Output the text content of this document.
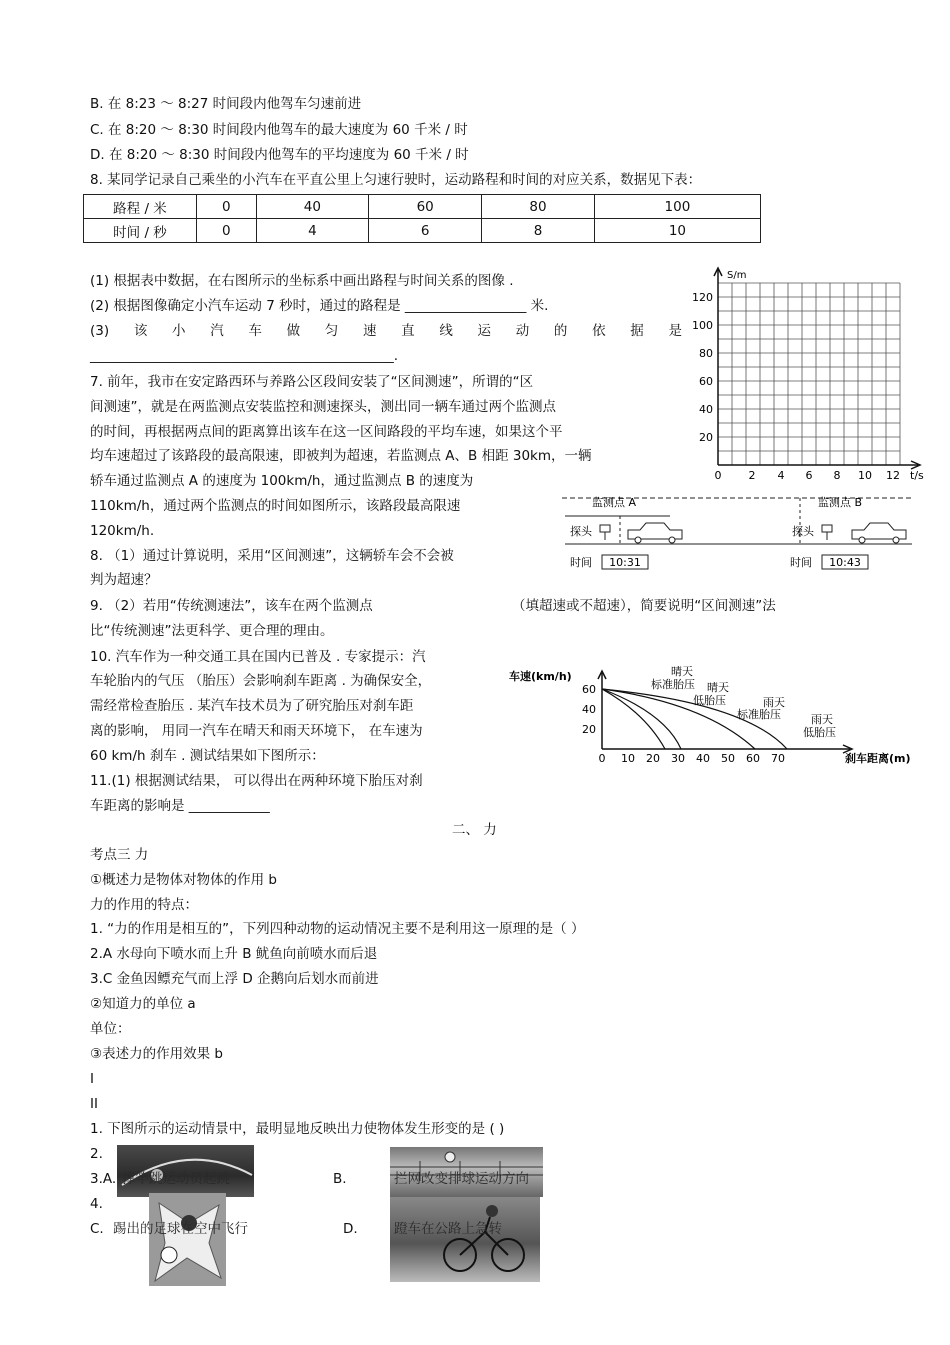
B. 在 8:23 ～ 8:27 时间段内他驾车匀速前进
C. 在 8:20 ～ 8:30 时间段内他驾车的最大速度为 60 千米 / 时
D. 在 8:20 ～ 8:30 时间段内他驾车的平均速度为 60 千米 / 时
8. 某同学记录自己乘坐的小汽车在平直公里上匀速行驶时，运动路程和时间的对应关系，数据见下表：
路程 / 米	0	40	60	80	100
时间 / 秒	0	4	6	8	10
(1) 根据表中数据，在右图所示的坐标系中画出路程与时间关系的图像 .
(2) 根据图像确定小汽车运动 7 秒时，通过的路程是 __________________ 米.
(3) 该 小 汽 车 做 匀 速 直 线 运 动 的 依 据 是
_____________________________________________.
S/m
t/s
20
40
60
80
100
120
0 2 4 6 8 10 12
7. 前年，我市在安定路西环与养路公区段间安装了“区间测速”，所谓的“区
间测速”，就是在两监测点安装监控和测速探头，测出同一辆车通过两个监测点
的时间，再根据两点间的距离算出该车在这一区间路段的平均车速，如果这个平
均车速超过了该路段的最高限速，即被判为超速，若监测点 A、B 相距 30km，一辆
轿车通过监测点 A 的速度为 100km/h，通过监测点 B 的速度为
110km/h，通过两个监测点的时间如图所示，该路段最高限速
120km/h.
监测点 A	监测点 B
探头	探头
时间 10:31	时间 10:43
8. （1）通过计算说明，采用“区间测速”，这辆轿车会不会被
判为超速？
9. （2）若用“传统测速法”，该车在两个监测点	（填超速或不超速），简要说明“区间测速”法
比“传统测速”法更科学、更合理的理由。
10. 汽车作为一种交通工具在国内已普及 . 专家提示：汽
车轮胎内的气压 （胎压）会影响刹车距离 . 为确保安全，
需经常检查胎压 . 某汽车技术员为了研究胎压对刹车距
离的影响， 用同一汽车在晴天和雨天环境下， 在车速为
60 km/h 刹车 . 测试结果如下图所示：
车速(km/h)
20
40
60
0 10 20 30 40 50 60 70	刹车距离(m)
晴天
标准胎压 晴天
低胎压	雨天
标准胎压	雨天
低胎压
11.(1) 根据测试结果， 可以得出在两种环境下胎压对刹
车距离的影响是 ____________
二、 力
考点三 力
①概述力是物体对物体的作用 b
力的作用的特点：
1. “力的作用是相互的”，下列四种动物的运动情况主要不是利用这一原理的是（ ）
2.A 水母向下喷水而上升 B 鱿鱼向前喷水而后退
3.C 金鱼因鳔充气而上浮 D 企鹅向后划水而前进
②知道力的单位 a
单位：
③表述力的作用效果 b
I
II
1. 下图所示的运动情景中，最明显地反映出力使物体发生形变的是 ( )
2.
4.
3.A. 撑竿跳运动员起跳	B.	拦网改变排球运动方向
C. 踢出的足球在空中飞行	D.	蹬车在公路上急转
